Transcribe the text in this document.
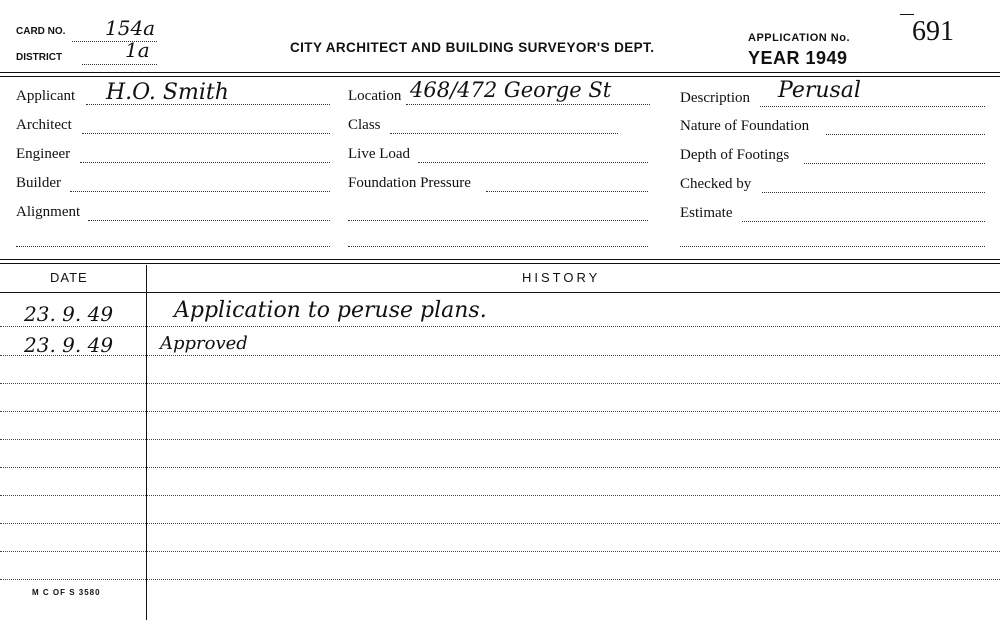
CARD NO. 154a
DISTRICT	1a	CITY ARCHITECT AND BUILDING SURVEYOR'S DEPT.
APPLICATION No. 691
YEAR 1949
Applicant H.O. Smith
Architect
Engineer
Builder
Alignment
Location 468/472 George St
Class
Live Load
Foundation Pressure
Description Perusal
Nature of Foundation
Depth of Footings
Checked by
Estimate
DATE	HISTORY
23. 9. 49	Application to peruse plans.
23. 9. 49	Approved
M C OF S 3580
